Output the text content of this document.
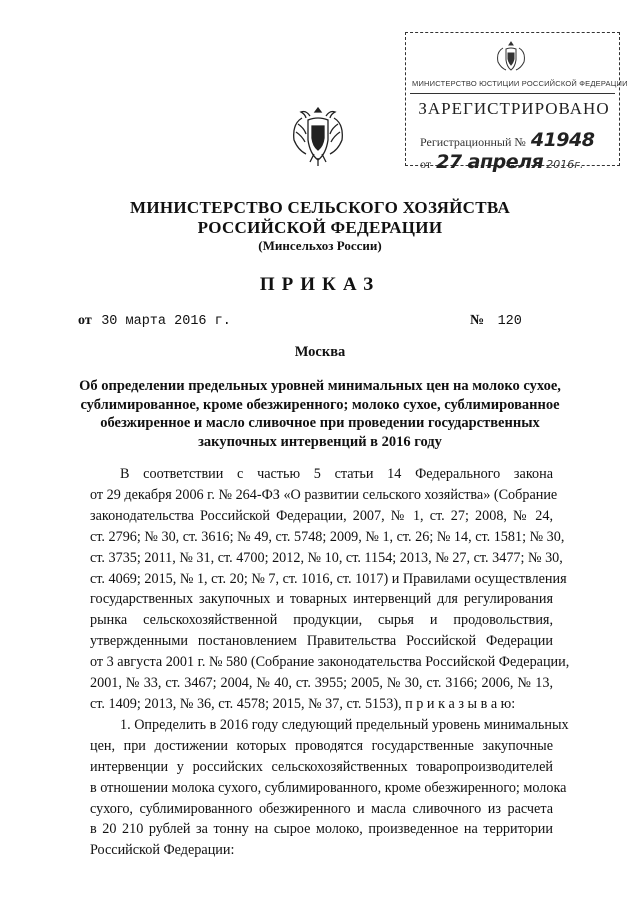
МИНИСТЕРСТВО ЮСТИЦИИ РОССИЙСКОЙ ФЕДЕРАЦИИ
ЗАРЕГИСТРИРОВАНО
Регистрационный № 41948
от 27 апреля 2016г.
МИНИСТЕРСТВО СЕЛЬСКОГО ХОЗЯЙСТВА
РОССИЙСКОЙ ФЕДЕРАЦИИ
(Минсельхоз России)
ПРИКАЗ
от 30 марта 2016 г.	№ 120
Москва
Об определении предельных уровней минимальных цен на молоко сухое,
сублимированное, кроме обезжиренного; молоко сухое, сублимированное
обезжиренное и масло сливочное при проведении государственных
закупочных интервенций в 2016 году
В соответствии с частью 5 статьи 14 Федерального закона
от 29 декабря 2006 г. № 264-ФЗ «О развитии сельского хозяйства» (Собрание
законодательства Российской Федерации, 2007, № 1, ст. 27; 2008, № 24,
ст. 2796; № 30, ст. 3616; № 49, ст. 5748; 2009, № 1, ст. 26; № 14, ст. 1581; № 30,
ст. 3735; 2011, № 31, ст. 4700; 2012, № 10, ст. 1154; 2013, № 27, ст. 3477; № 30,
ст. 4069; 2015, № 1, ст. 20; № 7, ст. 1016, ст. 1017) и Правилами осуществления
государственных закупочных и товарных интервенций для регулирования
рынка сельскохозяйственной продукции, сырья и продовольствия,
утвержденными постановлением Правительства Российской Федерации
от 3 августа 2001 г. № 580 (Собрание законодательства Российской Федерации,
2001, № 33, ст. 3467; 2004, № 40, ст. 3955; 2005, № 30, ст. 3166; 2006, № 13,
ст. 1409; 2013, № 36, ст. 4578; 2015, № 37, ст. 5153), п р и к а з ы в а ю:
1. Определить в 2016 году следующий предельный уровень минимальных
цен, при достижении которых проводятся государственные закупочные
интервенции у российских сельскохозяйственных товаропроизводителей
в отношении молока сухого, сублимированного, кроме обезжиренного; молока
сухого, сублимированного обезжиренного и масла сливочного из расчета
в 20 210 рублей за тонну на сырое молоко, произведенное на территории
Российской Федерации:
